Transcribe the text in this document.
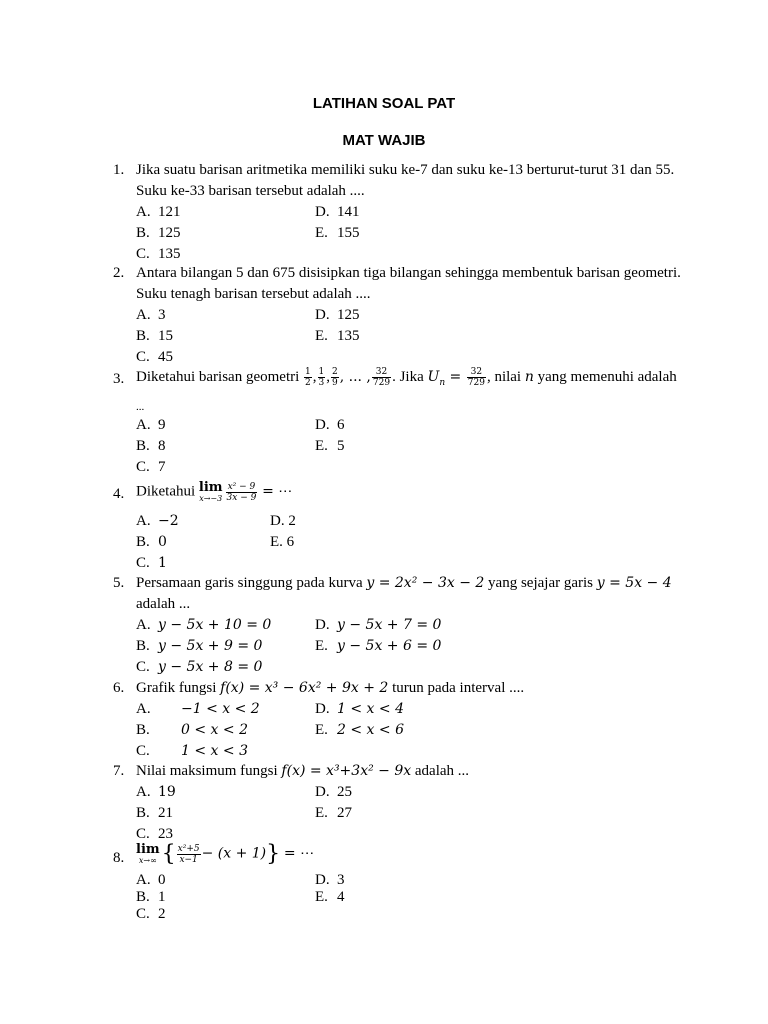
LATIHAN SOAL PAT
MAT WAJIB
1. Jika suatu barisan aritmetika memiliki suku ke-7 dan suku ke-13 berturut-turut 31 dan 55.
Suku ke-33 barisan tersebut adalah ....
A. 121
B. 125
C. 135
D. 141
E. 155
2. Antara bilangan 5 dan 675 disisipkan tiga bilangan sehingga membentuk barisan geometri.
Suku tenagh barisan tersebut adalah ....
A. 3
B. 15
C. 45
D. 125
E. 135
3. Diketahui barisan geometri $\frac{1}{2}$ , $\frac{1}{3}$ , $\frac{2}{9}$ , ... , $\frac{32}{729}$ . Jika $U_n = \frac{32}{729}$ , nilai n yang memenuhi adalah
...
A. 9
B. 8
C. 7
D. 6
E. 5
4. Diketahui lim
$x\to-3 \frac{\text{x² − 9}}{3x - 9}$ = ⋯
A. −2
B. 0
C. 1
D. 2
E. 6
5. Persamaan garis singgung pada kurva y = 2x² − 3x − 2 yang sejajar garis y = 5x − 4
adalah ...
A. y − 5x + 10 = 0
B. y − 5x + 9 = 0
C. y − 5x + 8 = 0
D. y − 5x + 7 = 0
E. y − 5x + 6 = 0
6. Grafik fungsi f(x) = x³ − 6x² + 9x + 2 turun pada interval ....
A. −1 < x < 2
B. 0 < x < 2
C. 1 < x < 3
D. 1 < x < 4
E. 2 < x < 6
7. Nilai maksimum fungsi f(x) = x³+3x² − 9x adalah ...
A. 19
B. 21
C. 23
D. 25
E. 27
8.
lim
x→∞ { $\frac{\text{x²+5}}{x-1} - (x + 1)$} = ⋯
A. 0
B. 1
C. 2
D. 3
E. 4
